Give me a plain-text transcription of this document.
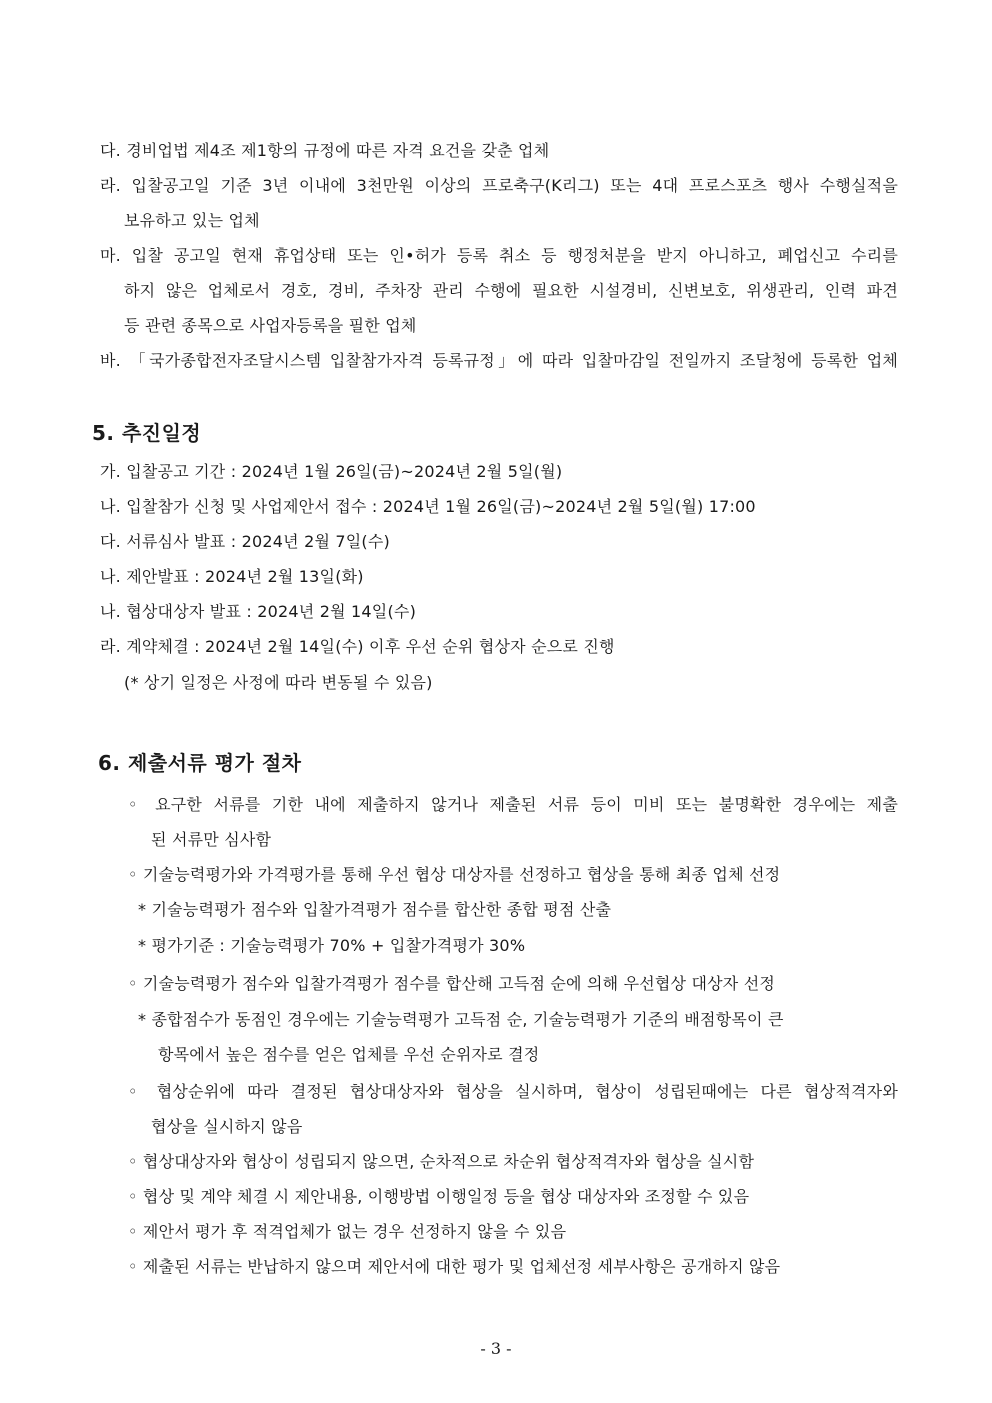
다. 경비업법 제4조 제1항의 규정에 따른 자격 요건을 갖춘 업체
라. 입찰공고일 기준 3년 이내에 3천만원 이상의 프로축구(K리그) 또는 4대 프로스포츠 행사 수행실적을
보유하고 있는 업체
마. 입찰 공고일 현재 휴업상태 또는 인•허가 등록 취소 등 행정처분을 받지 아니하고, 폐업신고 수리를
하지 않은 업체로서 경호, 경비, 주차장 관리 수행에 필요한 시설경비, 신변보호, 위생관리, 인력 파견
등 관련 종목으로 사업자등록을 필한 업체
바. 「국가종합전자조달시스템 입찰참가자격 등록규정」에 따라 입찰마감일 전일까지 조달청에 등록한 업체
5. 추진일정
가. 입찰공고 기간 : 2024년 1월 26일(금)~2024년 2월 5일(월)
나. 입찰참가 신청 및 사업제안서 접수 : 2024년 1월 26일(금)~2024년 2월 5일(월) 17:00
다. 서류심사 발표 : 2024년 2월 7일(수)
나. 제안발표 : 2024년 2월 13일(화)
나. 협상대상자 발표 : 2024년 2월 14일(수)
라. 계약체결 : 2024년 2월 14일(수) 이후 우선 순위 협상자 순으로 진행
(* 상기 일정은 사정에 따라 변동될 수 있음)
6. 제출서류 평가 절차
◦ 요구한 서류를 기한 내에 제출하지 않거나 제출된 서류 등이 미비 또는 불명확한 경우에는 제출
된 서류만 심사함
◦ 기술능력평가와 가격평가를 통해 우선 협상 대상자를 선정하고 협상을 통해 최종 업체 선정
* 기술능력평가 점수와 입찰가격평가 점수를 합산한 종합 평점 산출
* 평가기준 : 기술능력평가 70% + 입찰가격평가 30%
◦ 기술능력평가 점수와 입찰가격평가 점수를 합산해 고득점 순에 의해 우선협상 대상자 선정
* 종합점수가 동점인 경우에는 기술능력평가 고득점 순, 기술능력평가 기준의 배점항목이 큰
항목에서 높은 점수를 얻은 업체를 우선 순위자로 결정
◦ 협상순위에 따라 결정된 협상대상자와 협상을 실시하며, 협상이 성립된때에는 다른 협상적격자와
협상을 실시하지 않음
◦ 협상대상자와 협상이 성립되지 않으면, 순차적으로 차순위 협상적격자와 협상을 실시함
◦ 협상 및 계약 체결 시 제안내용, 이행방법 이행일정 등을 협상 대상자와 조정할 수 있음
◦ 제안서 평가 후 적격업체가 없는 경우 선정하지 않을 수 있음
◦ 제출된 서류는 반납하지 않으며 제안서에 대한 평가 및 업체선정 세부사항은 공개하지 않음
- 3 -
